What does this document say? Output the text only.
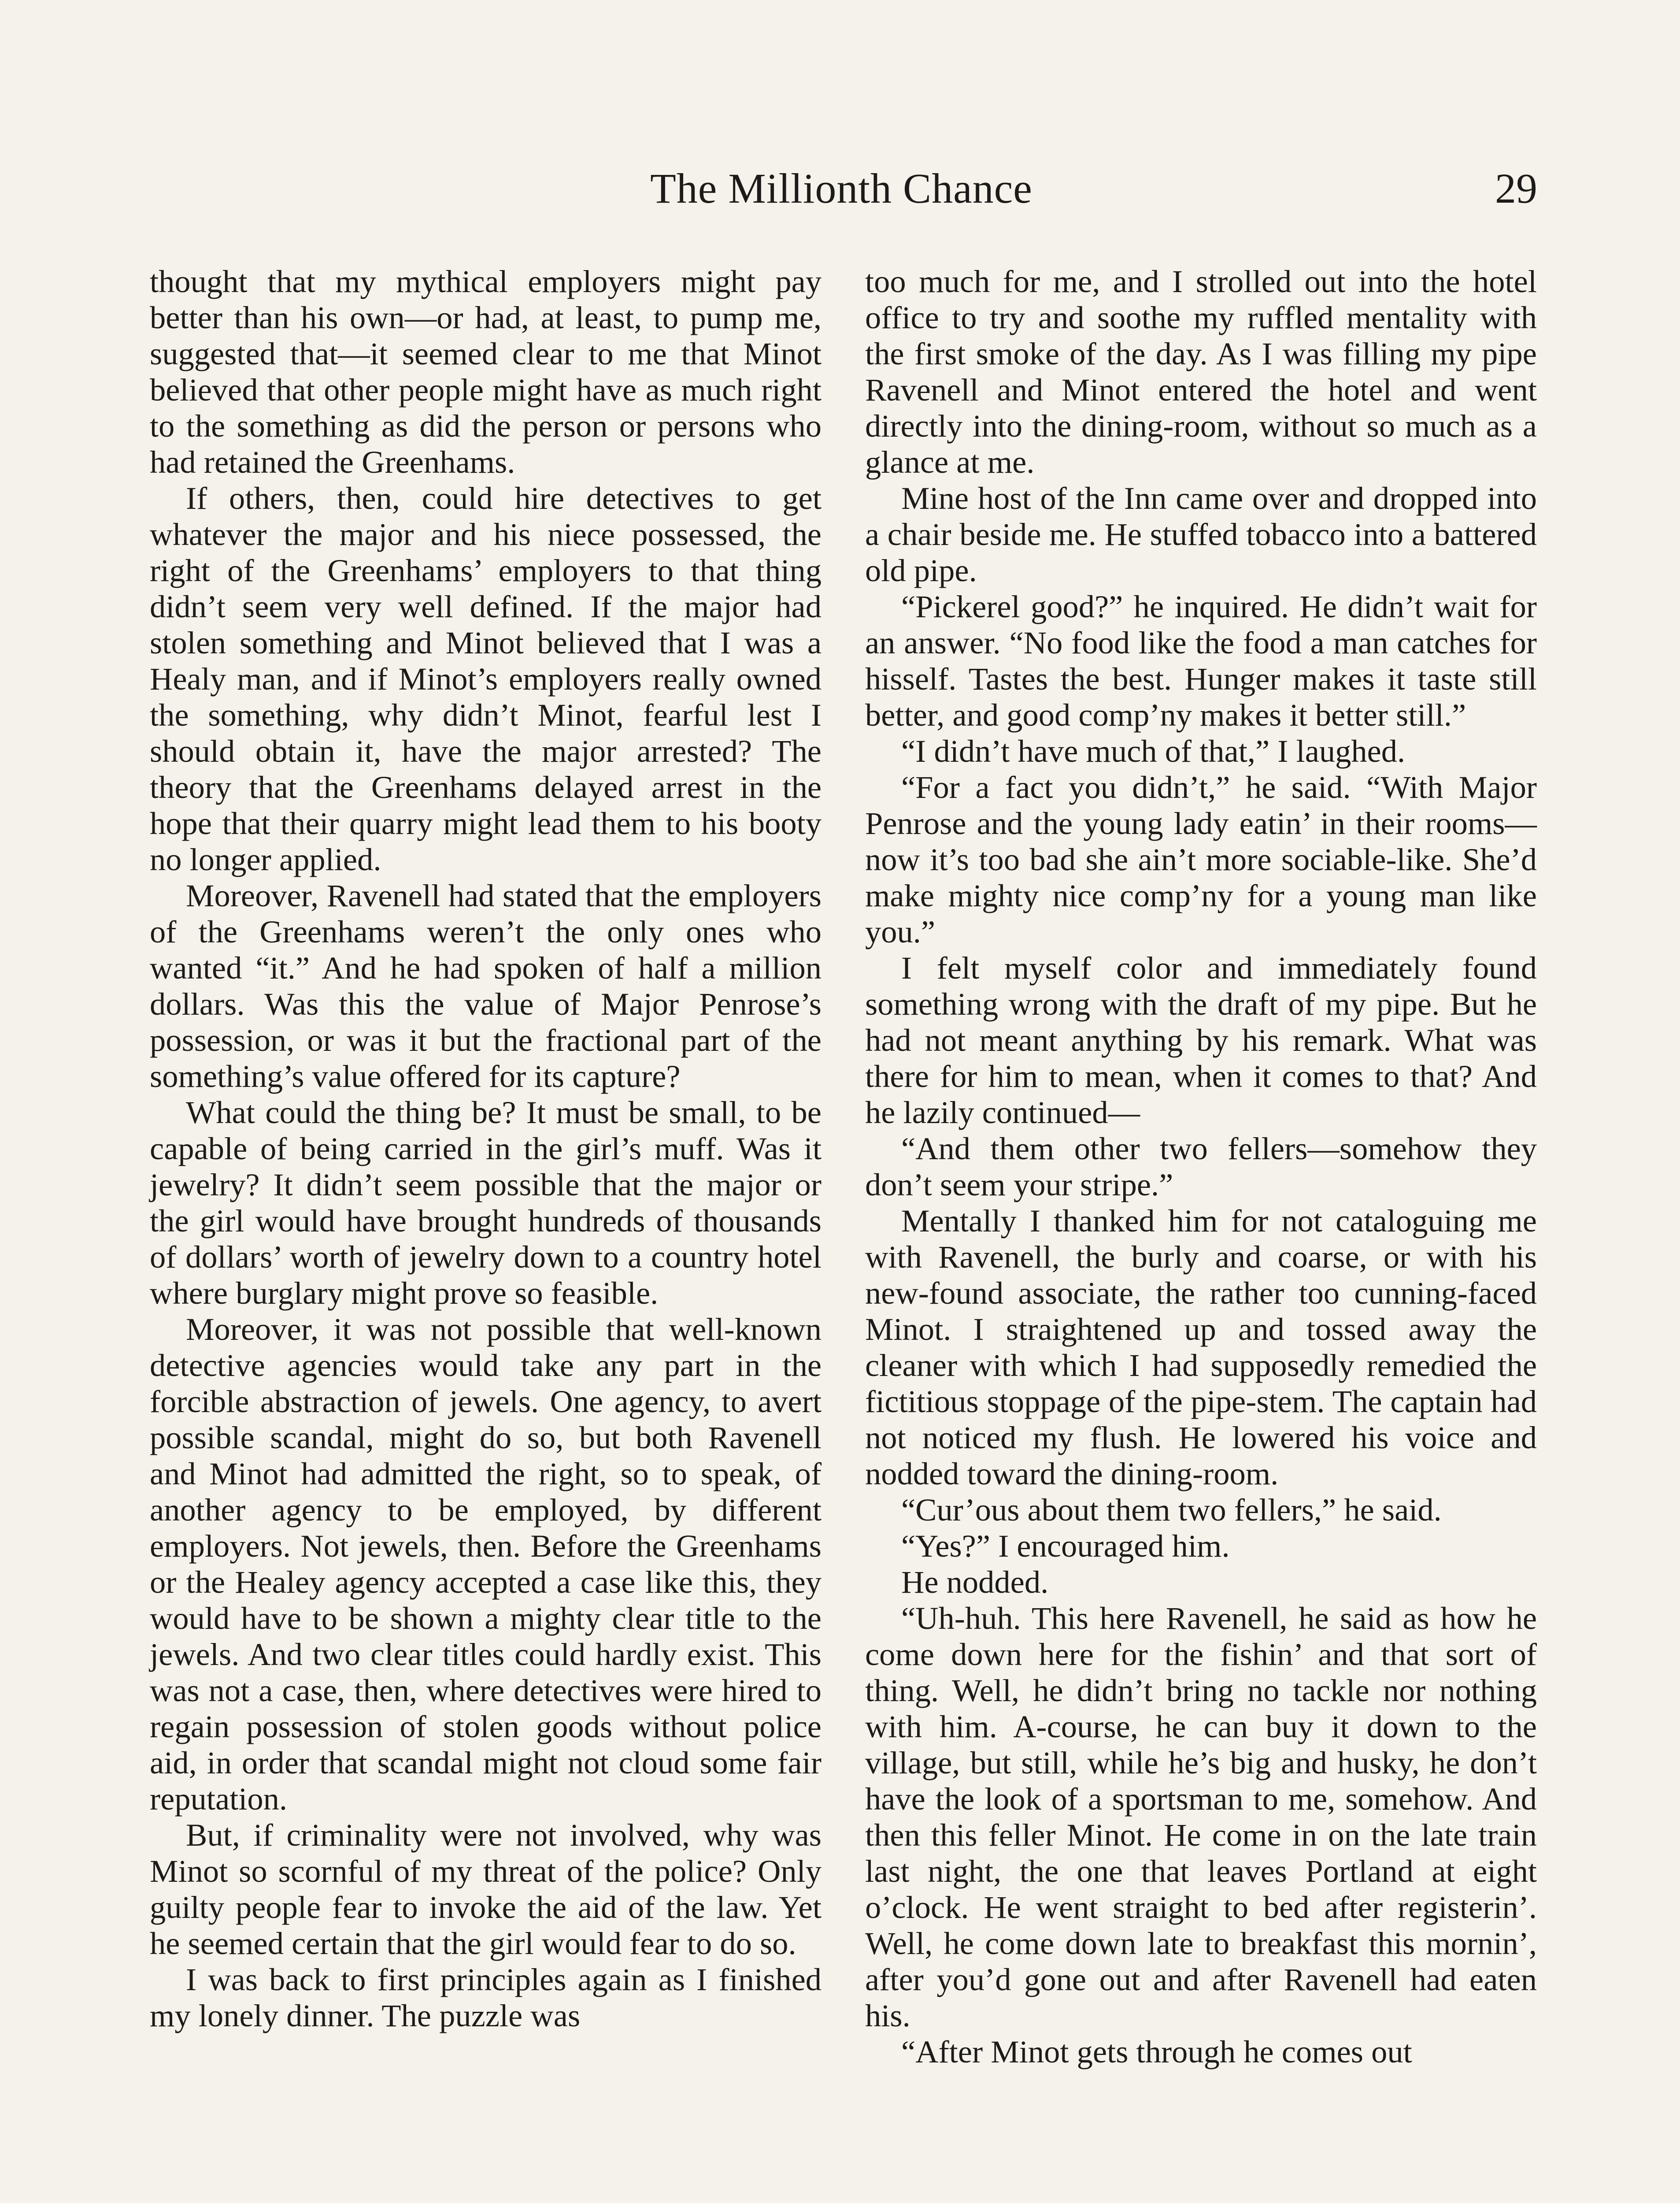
The Millionth Chance	29

thought that my mythical employers might pay better than his own—or had, at least, to pump me, suggested that—it seemed clear to me that Minot believed that other people might have as much right to the something as did the person or persons who had retained the Greenhams.

If others, then, could hire detectives to get whatever the major and his niece possessed, the right of the Greenhams’ employers to that thing didn’t seem very well defined. If the major had stolen something and Minot believed that I was a Healy man, and if Minot’s employers really owned the something, why didn’t Minot, fearful lest I should obtain it, have the major arrested? The theory that the Greenhams delayed arrest in the hope that their quarry might lead them to his booty no longer applied.

Moreover, Ravenell had stated that the employers of the Greenhams weren’t the only ones who wanted “it.” And he had spoken of half a million dollars. Was this the value of Major Penrose’s possession, or was it but the fractional part of the something’s value offered for its capture?

What could the thing be? It must be small, to be capable of being carried in the girl’s muff. Was it jewelry? It didn’t seem possible that the major or the girl would have brought hundreds of thousands of dollars’ worth of jewelry down to a country hotel where burglary might prove so feasible.

Moreover, it was not possible that well-known detective agencies would take any part in the forcible abstraction of jewels. One agency, to avert possible scandal, might do so, but both Ravenell and Minot had admitted the right, so to speak, of another agency to be employed, by different employers. Not jewels, then. Before the Greenhams or the Healey agency accepted a case like this, they would have to be shown a mighty clear title to the jewels. And two clear titles could hardly exist. This was not a case, then, where detectives were hired to regain possession of stolen goods without police aid, in order that scandal might not cloud some fair reputation.

But, if criminality were not involved, why was Minot so scornful of my threat of the police? Only guilty people fear to invoke the aid of the law. Yet he seemed certain that the girl would fear to do so.

I was back to first principles again as I finished my lonely dinner. The puzzle was

too much for me, and I strolled out into the hotel office to try and soothe my ruffled mentality with the first smoke of the day. As I was filling my pipe Ravenell and Minot entered the hotel and went directly into the dining-room, without so much as a glance at me.

Mine host of the Inn came over and dropped into a chair beside me. He stuffed tobacco into a battered old pipe.

“Pickerel good?” he inquired. He didn’t wait for an answer. “No food like the food a man catches for hisself. Tastes the best. Hunger makes it taste still better, and good comp’ny makes it better still.”

“I didn’t have much of that,” I laughed.

“For a fact you didn’t,” he said. “With Major Penrose and the young lady eatin’ in their rooms—now it’s too bad she ain’t more sociable-like. She’d make mighty nice comp’ny for a young man like you.”

I felt myself color and immediately found something wrong with the draft of my pipe. But he had not meant anything by his remark. What was there for him to mean, when it comes to that? And he lazily continued—

“And them other two fellers—somehow they don’t seem your stripe.”

Mentally I thanked him for not cataloguing me with Ravenell, the burly and coarse, or with his new-found associate, the rather too cunning-faced Minot. I straightened up and tossed away the cleaner with which I had supposedly remedied the fictitious stoppage of the pipe-stem. The captain had not noticed my flush. He lowered his voice and nodded toward the dining-room.

“Cur’ous about them two fellers,” he said.

“Yes?” I encouraged him.

He nodded.

“Uh-huh. This here Ravenell, he said as how he come down here for the fishin’ and that sort of thing. Well, he didn’t bring no tackle nor nothing with him. A-course, he can buy it down to the village, but still, while he’s big and husky, he don’t have the look of a sportsman to me, somehow. And then this feller Minot. He come in on the late train last night, the one that leaves Portland at eight o’clock. He went straight to bed after registerin’. Well, he come down late to breakfast this mornin’, after you’d gone out and after Ravenell had eaten his.

“After Minot gets through he comes out
